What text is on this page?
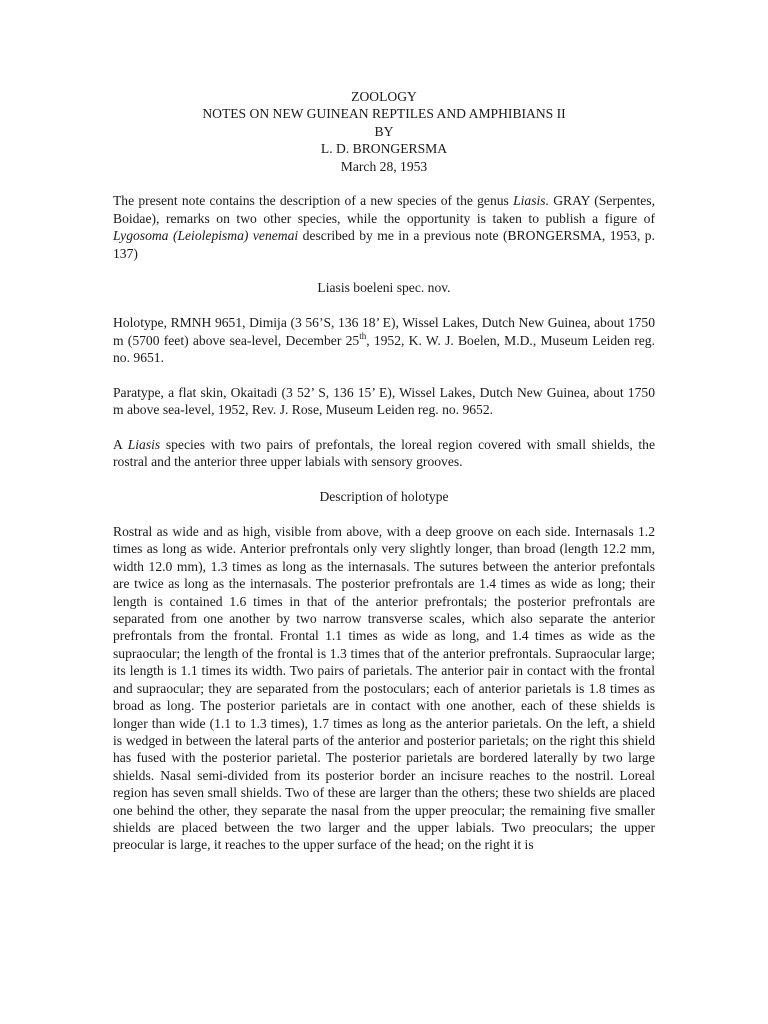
ZOOLOGY
NOTES ON NEW GUINEAN REPTILES AND AMPHIBIANS II
BY
L. D. BRONGERSMA
March 28, 1953

The present note contains the description of a new species of the genus Liasis. GRAY (Serpentes, Boidae), remarks on two other species, while the opportunity is taken to publish a figure of Lygosoma (Leiolepisma) venemai described by me in a previous note (BRONGERSMA, 1953, p. 137)

Liasis boeleni spec. nov.

Holotype, RMNH 9651, Dimija (3 56’S, 136 18’ E), Wissel Lakes, Dutch New Guinea, about 1750 m (5700 feet) above sea-level, December 25th, 1952, K. W. J. Boelen, M.D., Museum Leiden reg. no. 9651.

Paratype, a flat skin, Okaitadi (3 52’ S, 136 15’ E), Wissel Lakes, Dutch New Guinea, about 1750 m above sea-level, 1952, Rev. J. Rose, Museum Leiden reg. no. 9652.

A Liasis species with two pairs of prefontals, the loreal region covered with small shields, the rostral and the anterior three upper labials with sensory grooves.

Description of holotype

Rostral as wide and as high, visible from above, with a deep groove on each side. Internasals 1.2 times as long as wide. Anterior prefrontals only very slightly longer, than broad (length 12.2 mm, width 12.0 mm), 1.3 times as long as the internasals. The sutures between the anterior prefontals are twice as long as the internasals. The posterior prefrontals are 1.4 times as wide as long; their length is contained 1.6 times in that of the anterior prefrontals; the posterior prefrontals are separated from one another by two narrow transverse scales, which also separate the anterior prefrontals from the frontal. Frontal 1.1 times as wide as long, and 1.4 times as wide as the supraocular; the length of the frontal is 1.3 times that of the anterior prefrontals. Supraocular large; its length is 1.1 times its width. Two pairs of parietals. The anterior pair in contact with the frontal and supraocular; they are separated from the postoculars; each of anterior parietals is 1.8 times as broad as long. The posterior parietals are in contact with one another, each of these shields is longer than wide (1.1 to 1.3 times), 1.7 times as long as the anterior parietals. On the left, a shield is wedged in between the lateral parts of the anterior and posterior parietals; on the right this shield has fused with the posterior parietal. The posterior parietals are bordered laterally by two large shields. Nasal semi-divided from its posterior border an incisure reaches to the nostril. Loreal region has seven small shields. Two of these are larger than the others; these two shields are placed one behind the other, they separate the nasal from the upper preocular; the remaining five smaller shields are placed between the two larger and the upper labials. Two preoculars; the upper preocular is large, it reaches to the upper surface of the head; on the right it is
